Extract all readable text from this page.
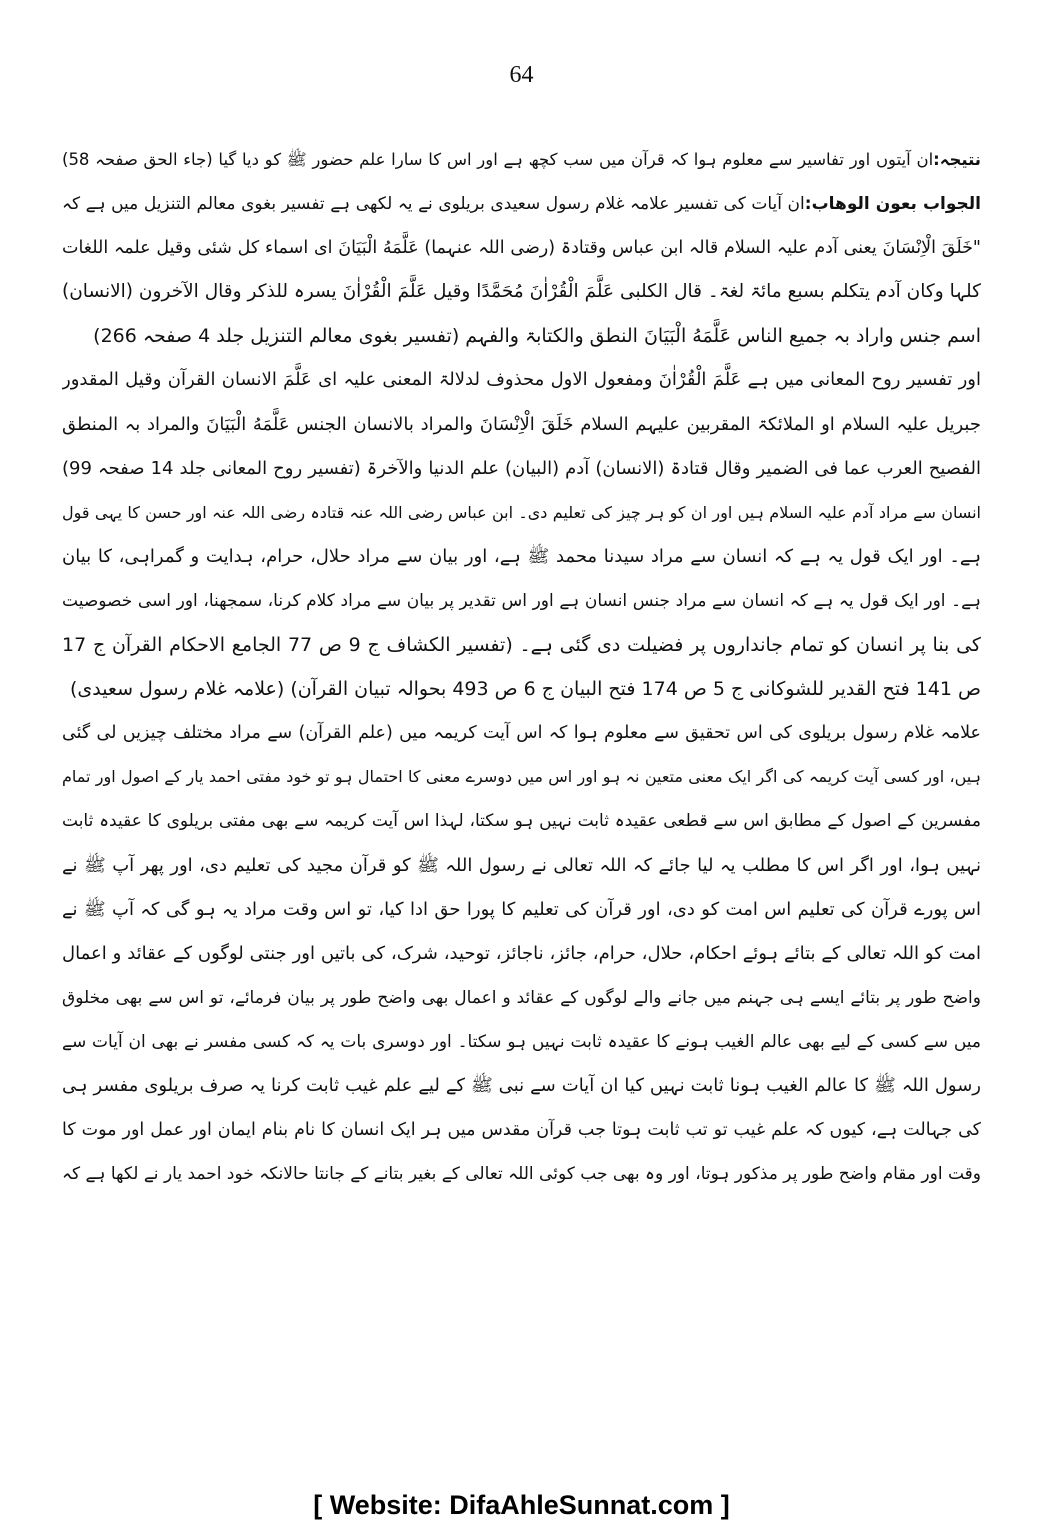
64
نتیجہ:ان آیتوں اور تفاسیر سے معلوم ہوا کہ قرآن میں سب کچھ ہے اور اس کا سارا علم حضور ﷺ کو دیا گیا (جاء الحق صفحہ 58)
الجواب بعون الوھاب:ان آیات کی تفسیر علامہ غلام رسول سعیدی بریلوی نے یہ لکھی ہے تفسیر بغوی معالم التنزیل میں ہے کہ
"خَلَقَ الْاِنْسَانَ یعنی آدم علیہ السلام قالہ ابن عباس وقتادۃ (رضی اللہ عنہما) عَلَّمَهُ الْبَيَانَ ای اسماء کل شئی وقیل علمہ اللغات
کلہا وکان آدم یتکلم بسبع مائۃ لغۃ۔ قال الکلبی عَلَّمَ الْقُرْاٰنَ مُحَمَّدًا وقیل عَلَّمَ الْقُرْاٰنَ یسرہ للذکر وقال الآخرون (الانسان)
اسم جنس واراد بہ جمیع الناس عَلَّمَهُ الْبَيَانَ النطق والکتابۃ والفہم (تفسیر بغوی معالم التنزیل جلد 4 صفحہ 266)
اور تفسیر روح المعانی میں ہے عَلَّمَ الْقُرْاٰنَ ومفعول الاول محذوف لدلالۃ المعنی علیہ ای عَلَّمَ الانسان القرآن وقیل المقدور
جبریل علیہ السلام او الملائکۃ المقربین علیہم السلام خَلَقَ الْاِنْسَانَ والمراد بالانسان الجنس عَلَّمَهُ الْبَيَانَ والمراد بہ المنطق
الفصیح العرب عما فی الضمیر وقال قتادۃ (الانسان) آدم (البیان) علم الدنیا والآخرۃ (تفسیر روح المعانی جلد 14 صفحہ 99)
انسان سے مراد آدم علیہ السلام ہیں اور ان کو ہر چیز کی تعلیم دی۔ ابن عباس رضی اللہ عنہ قتادہ رضی اللہ عنہ اور حسن کا یہی قول
ہے۔ اور ایک قول یہ ہے کہ انسان سے مراد سیدنا محمد ﷺ ہے، اور بیان سے مراد حلال، حرام، ہدایت و گمراہی، کا بیان
ہے۔ اور ایک قول یہ ہے کہ انسان سے مراد جنس انسان ہے اور اس تقدیر پر بیان سے مراد کلام کرنا، سمجھنا، اور اسی خصوصیت
کی بنا پر انسان کو تمام جانداروں پر فضیلت دی گئی ہے۔ (تفسیر الکشاف ج 9 ص 77 الجامع الاحکام القرآن ج 17
ص 141 فتح القدیر للشوکانی ج 5 ص 174 فتح البیان ج 6 ص 493 بحوالہ تبیان القرآن) (علامہ غلام رسول سعیدی)
علامہ غلام رسول بریلوی کی اس تحقیق سے معلوم ہوا کہ اس آیت کریمہ میں (علم القرآن) سے مراد مختلف چیزیں لی گئی
ہیں، اور کسی آیت کریمہ کی اگر ایک معنی متعین نہ ہو اور اس میں دوسرے معنی کا احتمال ہو تو خود مفتی احمد یار کے اصول اور تمام
مفسرین کے اصول کے مطابق اس سے قطعی عقیدہ ثابت نہیں ہو سکتا، لہذا اس آیت کریمہ سے بھی مفتی بریلوی کا عقیدہ ثابت
نہیں ہوا، اور اگر اس کا مطلب یہ لیا جائے کہ اللہ تعالی نے رسول اللہ ﷺ کو قرآن مجید کی تعلیم دی، اور پھر آپ ﷺ نے
اس پورے قرآن کی تعلیم اس امت کو دی، اور قرآن کی تعلیم کا پورا حق ادا کیا، تو اس وقت مراد یہ ہو گی کہ آپ ﷺ نے
امت کو اللہ تعالی کے بتائے ہوئے احکام، حلال، حرام، جائز، ناجائز، توحید، شرک، کی باتیں اور جنتی لوگوں کے عقائد و اعمال
واضح طور پر بتائے ایسے ہی جہنم میں جانے والے لوگوں کے عقائد و اعمال بھی واضح طور پر بیان فرمائے، تو اس سے بھی مخلوق
میں سے کسی کے لیے بھی عالم الغیب ہونے کا عقیدہ ثابت نہیں ہو سکتا۔ اور دوسری بات یہ کہ کسی مفسر نے بھی ان آیات سے
رسول اللہ ﷺ کا عالم الغیب ہونا ثابت نہیں کیا ان آیات سے نبی ﷺ کے لیے علم غیب ثابت کرنا یہ صرف بریلوی مفسر ہی
کی جہالت ہے، کیوں کہ علم غیب تو تب ثابت ہوتا جب قرآن مقدس میں ہر ایک انسان کا نام بنام ایمان اور عمل اور موت کا
وقت اور مقام واضح طور پر مذکور ہوتا، اور وہ بھی جب کوئی اللہ تعالی کے بغیر بتانے کے جانتا حالانکہ خود احمد یار نے لکھا ہے کہ
[ Website: DifaAhleSunnat.com ]
